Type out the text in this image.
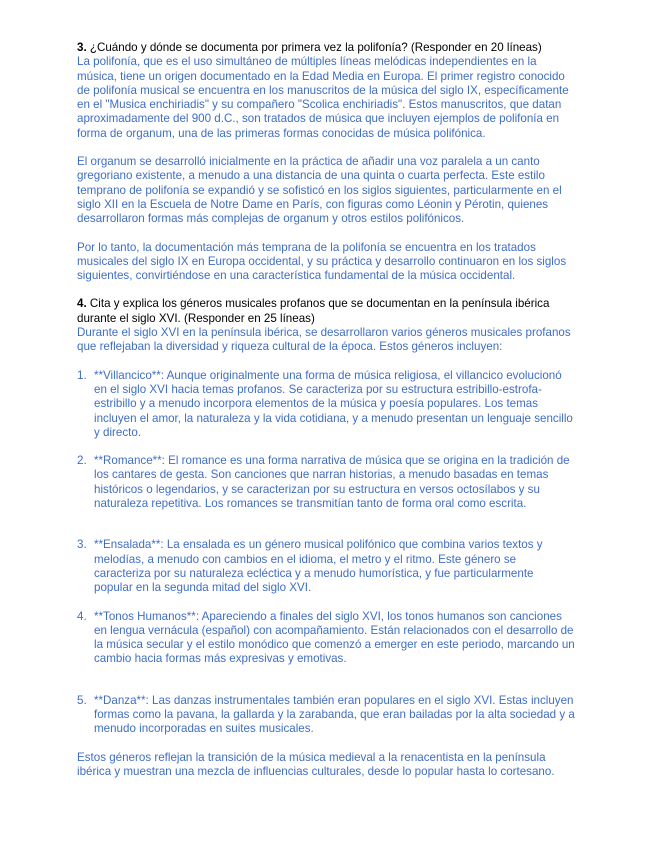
3. ¿Cuándo y dónde se documenta por primera vez la polifonía? (Responder en 20 líneas)
La polifonía, que es el uso simultáneo de múltiples líneas melódicas independientes en la música, tiene un origen documentado en la Edad Media en Europa. El primer registro conocido de polifonía musical se encuentra en los manuscritos de la música del siglo IX, específicamente en el "Musica enchiriadis" y su compañero "Scolica enchiriadis". Estos manuscritos, que datan aproximadamente del 900 d.C., son tratados de música que incluyen ejemplos de polifonía en forma de organum, una de las primeras formas conocidas de música polifónica.
El organum se desarrolló inicialmente en la práctica de añadir una voz paralela a un canto gregoriano existente, a menudo a una distancia de una quinta o cuarta perfecta. Este estilo temprano de polifonía se expandió y se sofisticó en los siglos siguientes, particularmente en el siglo XII en la Escuela de Notre Dame en París, con figuras como Léonin y Pérotin, quienes desarrollaron formas más complejas de organum y otros estilos polifónicos.
Por lo tanto, la documentación más temprana de la polifonía se encuentra en los tratados musicales del siglo IX en Europa occidental, y su práctica y desarrollo continuaron en los siglos siguientes, convirtiéndose en una característica fundamental de la música occidental.
4. Cita y explica los géneros musicales profanos que se documentan en la península ibérica durante el siglo XVI. (Responder en 25 líneas)
Durante el siglo XVI en la península ibérica, se desarrollaron varios géneros musicales profanos que reflejaban la diversidad y riqueza cultural de la época. Estos géneros incluyen:
1. **Villancico**: Aunque originalmente una forma de música religiosa, el villancico evolucionó en el siglo XVI hacia temas profanos. Se caracteriza por su estructura estribillo-estrofa-estribillo y a menudo incorpora elementos de la música y poesía populares. Los temas incluyen el amor, la naturaleza y la vida cotidiana, y a menudo presentan un lenguaje sencillo y directo.
2. **Romance**: El romance es una forma narrativa de música que se origina en la tradición de los cantares de gesta. Son canciones que narran historias, a menudo basadas en temas históricos o legendarios, y se caracterizan por su estructura en versos octosílabos y su naturaleza repetitiva. Los romances se transmitían tanto de forma oral como escrita.
3. **Ensalada**: La ensalada es un género musical polifónico que combina varios textos y melodías, a menudo con cambios en el idioma, el metro y el ritmo. Este género se caracteriza por su naturaleza ecléctica y a menudo humorística, y fue particularmente popular en la segunda mitad del siglo XVI.
4. **Tonos Humanos**: Apareciendo a finales del siglo XVI, los tonos humanos son canciones en lengua vernácula (español) con acompañamiento. Están relacionados con el desarrollo de la música secular y el estilo monódico que comenzó a emerger en este periodo, marcando un cambio hacia formas más expresivas y emotivas.
5. **Danza**: Las danzas instrumentales también eran populares en el siglo XVI. Estas incluyen formas como la pavana, la gallarda y la zarabanda, que eran bailadas por la alta sociedad y a menudo incorporadas en suites musicales.
Estos géneros reflejan la transición de la música medieval a la renacentista en la península ibérica y muestran una mezcla de influencias culturales, desde lo popular hasta lo cortesano.
